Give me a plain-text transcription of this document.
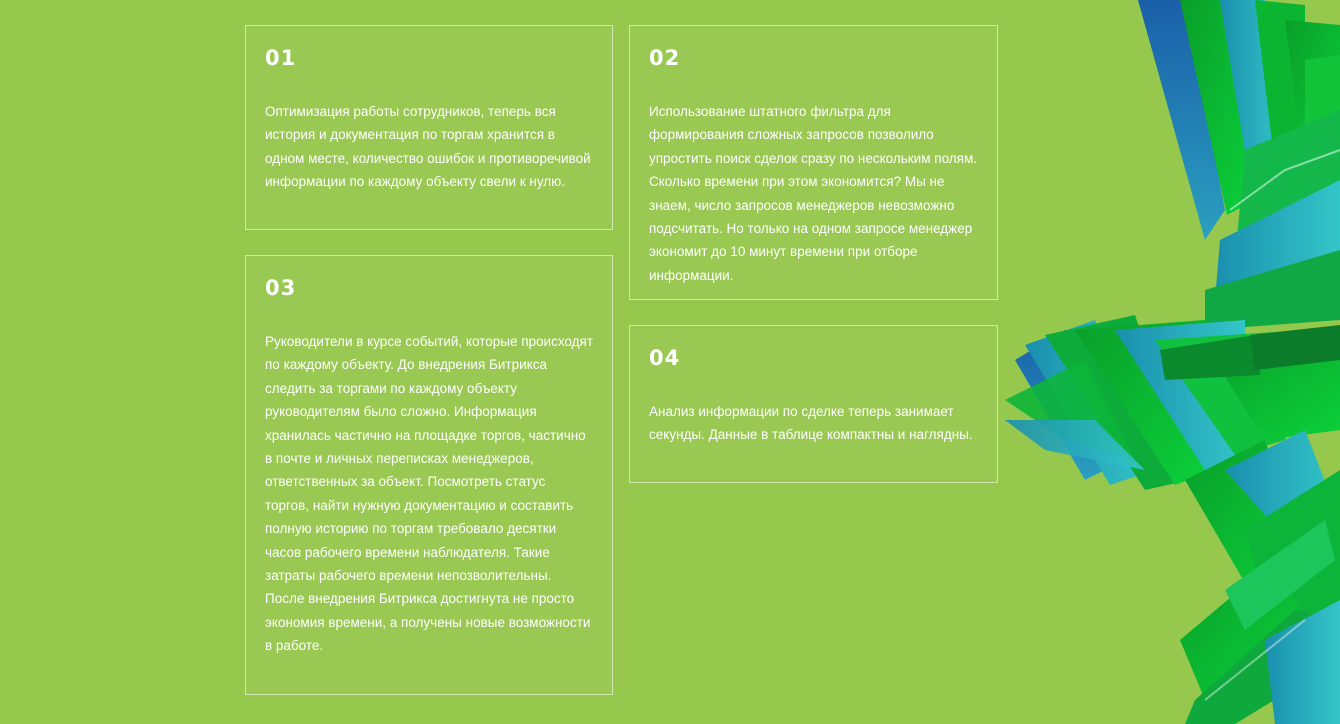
01

Оптимизация работы сотрудников, теперь вся история и документация по торгам хранится в одном месте, количество ошибок и противоречивой информации по каждому объекту свели к нулю.

02

Использование штатного фильтра для формирования сложных запросов позволило упростить поиск сделок сразу по нескольким полям. Сколько времени при этом экономится? Мы не знаем, число запросов менеджеров невозможно подсчитать. Но только на одном запросе менеджер экономит до 10 минут времени при отборе информации.

03

Руководители в курсе событий, которые происходят по каждому объекту. До внедрения Битрикса следить за торгами по каждому объекту руководителям было сложно. Информация хранилась частично на площадке торгов, частично в почте и личных переписках менеджеров, ответственных за объект. Посмотреть статус торгов, найти нужную документацию и составить полную историю по торгам требовало десятки часов рабочего времени наблюдателя. Такие затраты рабочего времени непозволительны. После внедрения Битрикса достигнута не просто экономия времени, а получены новые возможности в работе.

04

Анализ информации по сделке теперь занимает секунды. Данные в таблице компактны и наглядны.
